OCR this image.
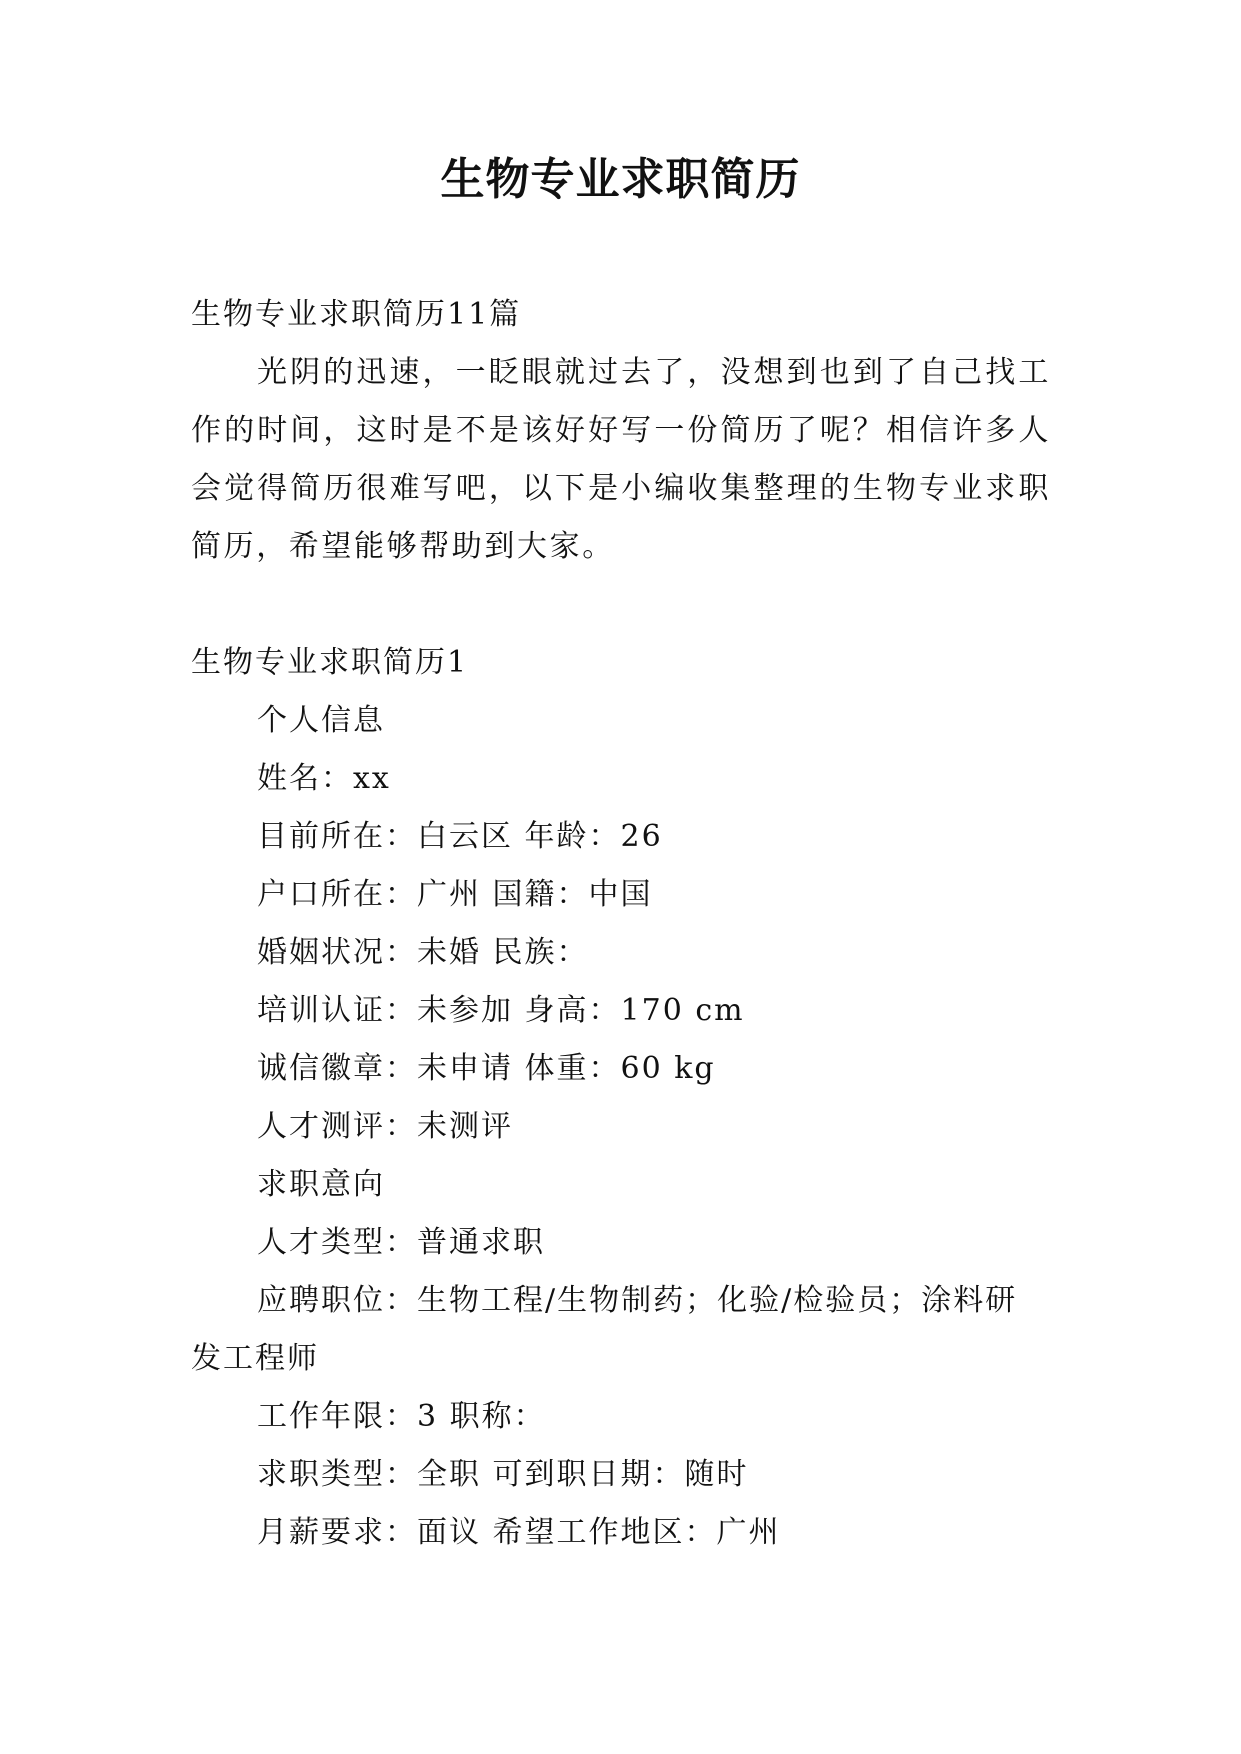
生物专业求职简历

生物专业求职简历11篇

光阴的迅速，一眨眼就过去了，没想到也到了自己找工作的时间，这时是不是该好好写一份简历了呢？相信许多人会觉得简历很难写吧，以下是小编收集整理的生物专业求职简历，希望能够帮助到大家。

生物专业求职简历1

个人信息

姓名：xx

目前所在：白云区 年龄：26

户口所在：广州 国籍：中国

婚姻状况：未婚 民族：

培训认证：未参加 身高：170 cm

诚信徽章：未申请 体重：60 kg

人才测评：未测评

求职意向

人才类型：普通求职

应聘职位：生物工程/生物制药；化验/检验员；涂料研

发工程师

工作年限：3 职称：

求职类型：全职 可到职日期：随时

月薪要求：面议 希望工作地区：广州
